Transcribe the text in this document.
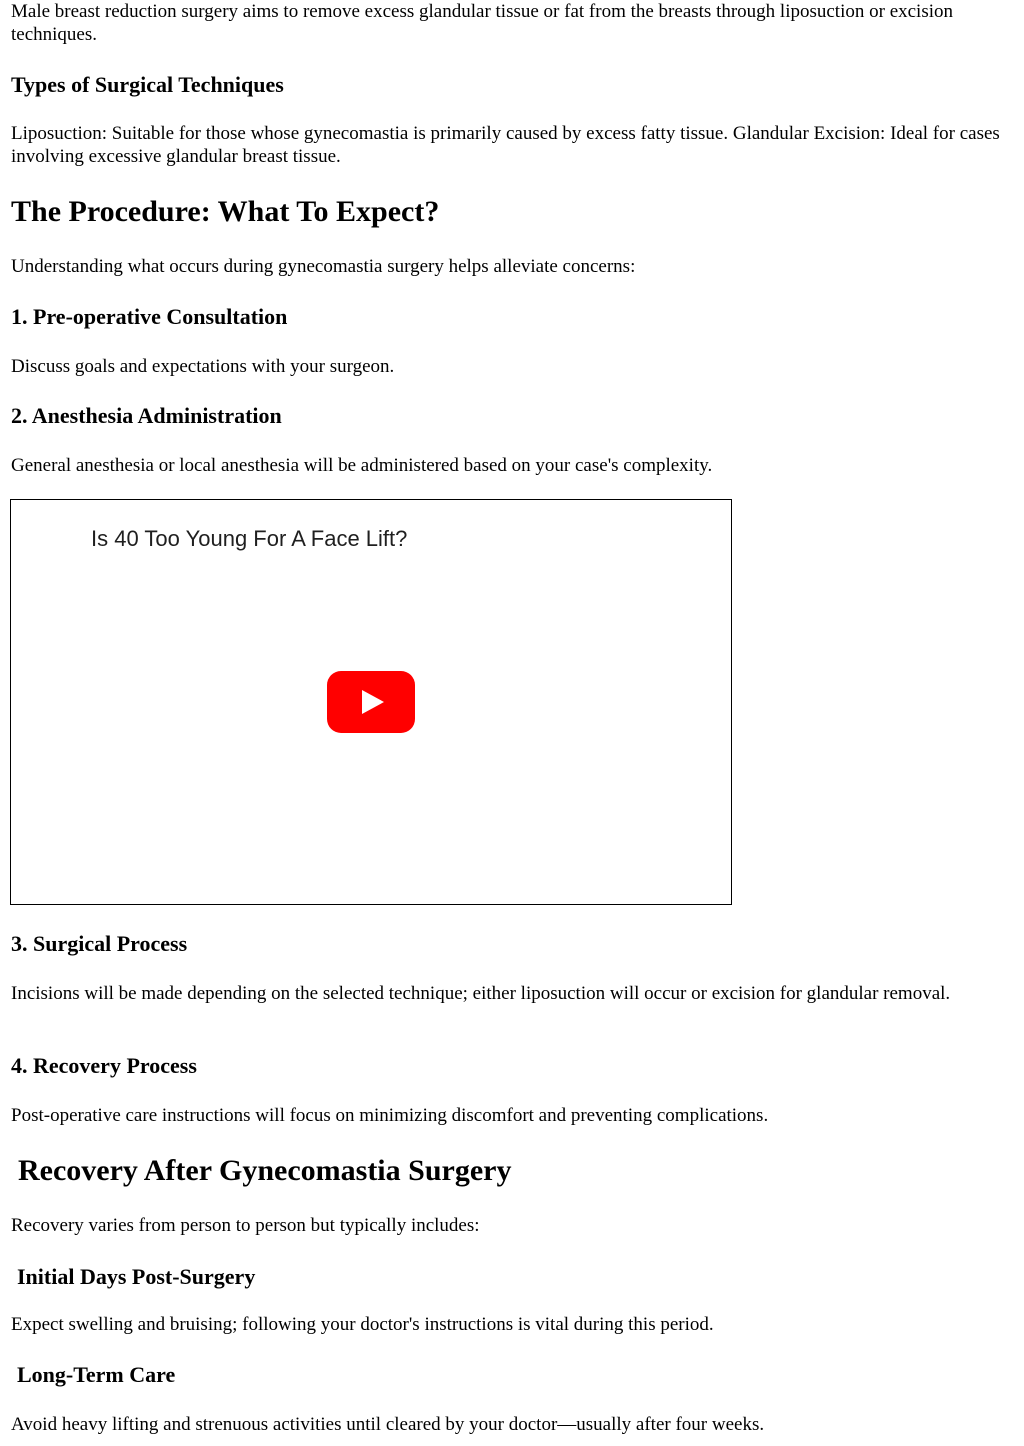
Male breast reduction surgery aims to remove excess glandular tissue or fat from the breasts through liposuction or excision techniques.

Types of Surgical Techniques

Liposuction: Suitable for those whose gynecomastia is primarily caused by excess fatty tissue. Glandular Excision: Ideal for cases involving excessive glandular breast tissue.

The Procedure: What To Expect?

Understanding what occurs during gynecomastia surgery helps alleviate concerns:

1. Pre-operative Consultation

Discuss goals and expectations with your surgeon.

2. Anesthesia Administration

General anesthesia or local anesthesia will be administered based on your case's complexity.

Is 40 Too Young For A Face Lift?
3. Surgical Process

Incisions will be made depending on the selected technique; either liposuction will occur or excision for glandular removal.

4. Recovery Process

Post-operative care instructions will focus on minimizing discomfort and preventing complications.

Recovery After Gynecomastia Surgery

Recovery varies from person to person but typically includes:

Initial Days Post-Surgery

Expect swelling and bruising; following your doctor's instructions is vital during this period.

Long-Term Care

Avoid heavy lifting and strenuous activities until cleared by your doctor—usually after four weeks.
